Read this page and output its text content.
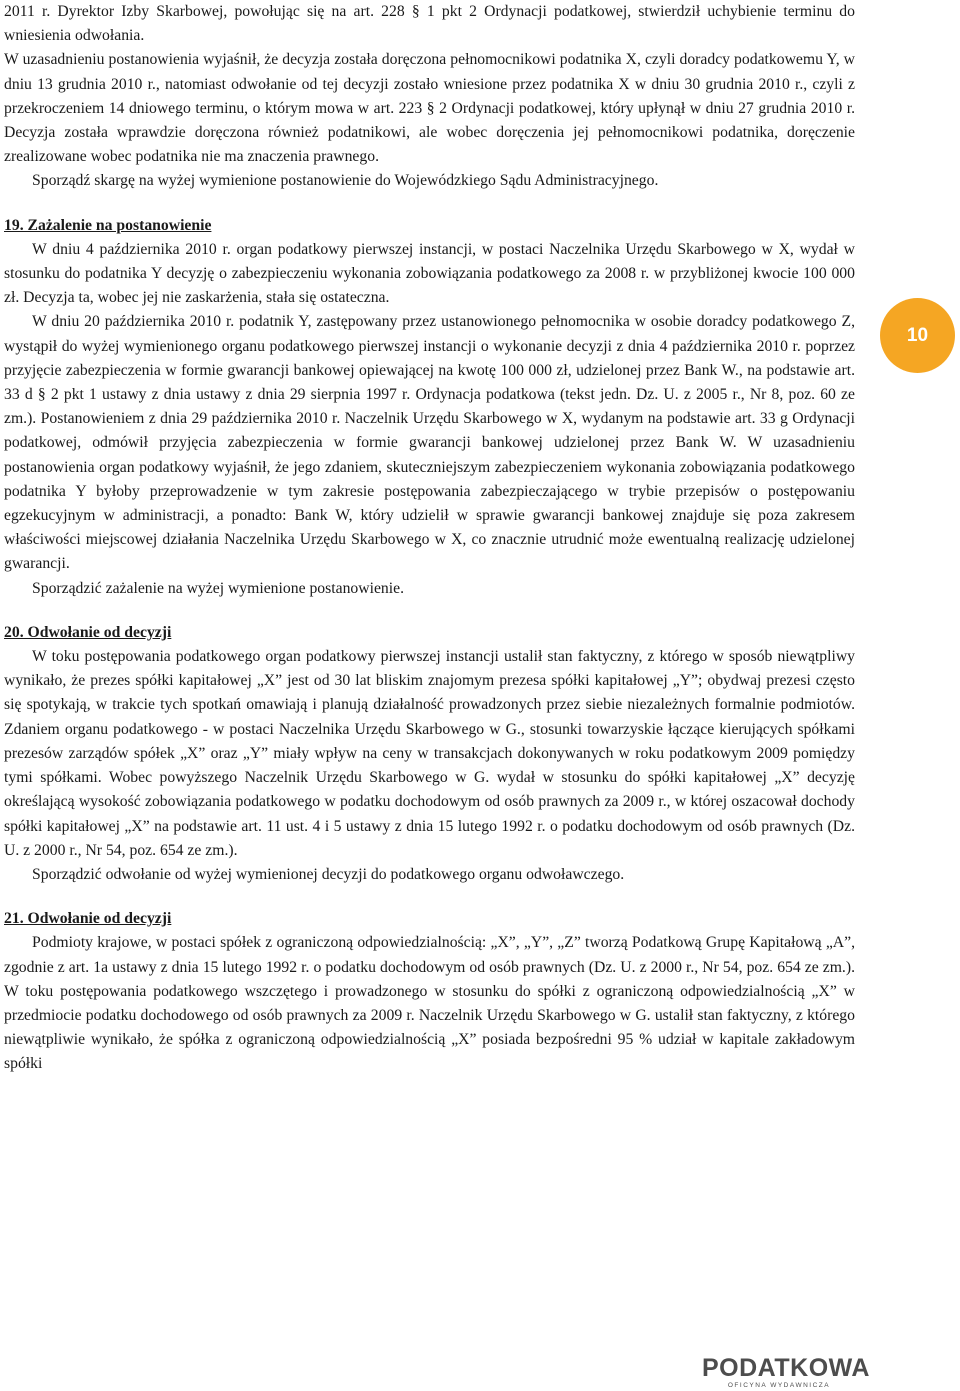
2011 r. Dyrektor Izby Skarbowej, powołując się na art. 228 § 1 pkt 2 Ordynacji podatkowej, stwierdził uchybienie terminu do wniesienia odwołania.

W uzasadnieniu postanowienia wyjaśnił, że decyzja została doręczona pełnomocnikowi podatnika X, czyli doradcy podatkowemu Y, w dniu 13 grudnia 2010 r., natomiast odwołanie od tej decyzji zostało wniesione przez podatnika X w dniu 30 grudnia 2010 r., czyli z przekroczeniem 14 dniowego terminu, o którym mowa w art. 223 § 2 Ordynacji podatkowej, który upłynął w dniu 27 grudnia 2010 r. Decyzja została wprawdzie doręczona również podatnikowi, ale wobec doręczenia jej pełnomocnikowi podatnika, doręczenie zrealizowane wobec podatnika nie ma znaczenia prawnego.

Sporządź skargę na wyżej wymienione postanowienie do Wojewódzkiego Sądu Administracyjnego.

19. Zażalenie na postanowienie

W dniu 4 października 2010 r. organ podatkowy pierwszej instancji, w postaci Naczelnika Urzędu Skarbowego w X, wydał w stosunku do podatnika Y decyzję o zabezpieczeniu wykonania zobowiązania podatkowego za 2008 r. w przybliżonej kwocie 100 000 zł. Decyzja ta, wobec jej nie zaskarżenia, stała się ostateczna.

W dniu 20 października 2010 r. podatnik Y, zastępowany przez ustanowionego pełnomocnika w osobie doradcy podatkowego Z, wystąpił do wyżej wymienionego organu podatkowego pierwszej instancji o wykonanie decyzji z dnia 4 października 2010 r. poprzez przyjęcie zabezpieczenia w formie gwarancji bankowej opiewającej na kwotę 100 000 zł, udzielonej przez Bank W., na podstawie art. 33 d § 2 pkt 1 ustawy z dnia ustawy z dnia 29 sierpnia 1997 r. Ordynacja podatkowa (tekst jedn. Dz. U. z 2005 r., Nr 8, poz. 60 ze zm.). Postanowieniem z dnia 29 października 2010 r. Naczelnik Urzędu Skarbowego w X, wydanym na podstawie art. 33 g Ordynacji podatkowej, odmówił przyjęcia zabezpieczenia w formie gwarancji bankowej udzielonej przez Bank W. W uzasadnieniu postanowienia organ podatkowy wyjaśnił, że jego zdaniem, skuteczniejszym zabezpieczeniem wykonania zobowiązania podatkowego podatnika Y byłoby przeprowadzenie w tym zakresie postępowania zabezpieczającego w trybie przepisów o postępowaniu egzekucyjnym w administracji, a ponadto: Bank W, który udzielił w sprawie gwarancji bankowej znajduje się poza zakresem właściwości miejscowej działania Naczelnika Urzędu Skarbowego w X, co znacznie utrudnić może ewentualną realizację udzielonej gwarancji.

Sporządzić zażalenie na wyżej wymienione postanowienie.

20. Odwołanie od decyzji

W toku postępowania podatkowego organ podatkowy pierwszej instancji ustalił stan faktyczny, z którego w sposób niewątpliwy wynikało, że prezes spółki kapitałowej „X” jest od 30 lat bliskim znajomym prezesa spółki kapitałowej „Y”; obydwaj prezesi często się spotykają, w trakcie tych spotkań omawiają i planują działalność prowadzonych przez siebie niezależnych formalnie podmiotów. Zdaniem organu podatkowego - w postaci Naczelnika Urzędu Skarbowego w G., stosunki towarzyskie łączące kierujących spółkami prezesów zarządów spółek „X” oraz „Y” miały wpływ na ceny w transakcjach dokonywanych w roku podatkowym 2009 pomiędzy tymi spółkami. Wobec powyższego Naczelnik Urzędu Skarbowego w G. wydał w stosunku do spółki kapitałowej „X” decyzję określającą wysokość zobowiązania podatkowego w podatku dochodowym od osób prawnych za 2009 r., w której oszacował dochody spółki kapitałowej „X” na podstawie art. 11 ust. 4 i 5 ustawy z dnia 15 lutego 1992 r. o podatku dochodowym od osób prawnych (Dz. U. z 2000 r., Nr 54, poz. 654 ze zm.).

Sporządzić odwołanie od wyżej wymienionej decyzji do podatkowego organu odwoławczego.

21. Odwołanie od decyzji

Podmioty krajowe, w postaci spółek z ograniczoną odpowiedzialnością: „X”, „Y”, „Z” tworzą Podatkową Grupę Kapitałową „A”, zgodnie z art. 1a ustawy z dnia 15 lutego 1992 r. o podatku dochodowym od osób prawnych (Dz. U. z 2000 r., Nr 54, poz. 654 ze zm.). W toku postępowania podatkowego wszczętego i prowadzonego w stosunku do spółki z ograniczoną odpowiedzialnością „X” w przedmiocie podatku dochodowego od osób prawnych za 2009 r. Naczelnik Urzędu Skarbowego w G. ustalił stan faktyczny, z którego niewątpliwie wynikało, że spółka z ograniczoną odpowiedzialnością „X” posiada bezpośredni 95 % udział w kapitale zakładowym spółki

10
PODATKOWA
OFICYNA WYDAWNICZA
